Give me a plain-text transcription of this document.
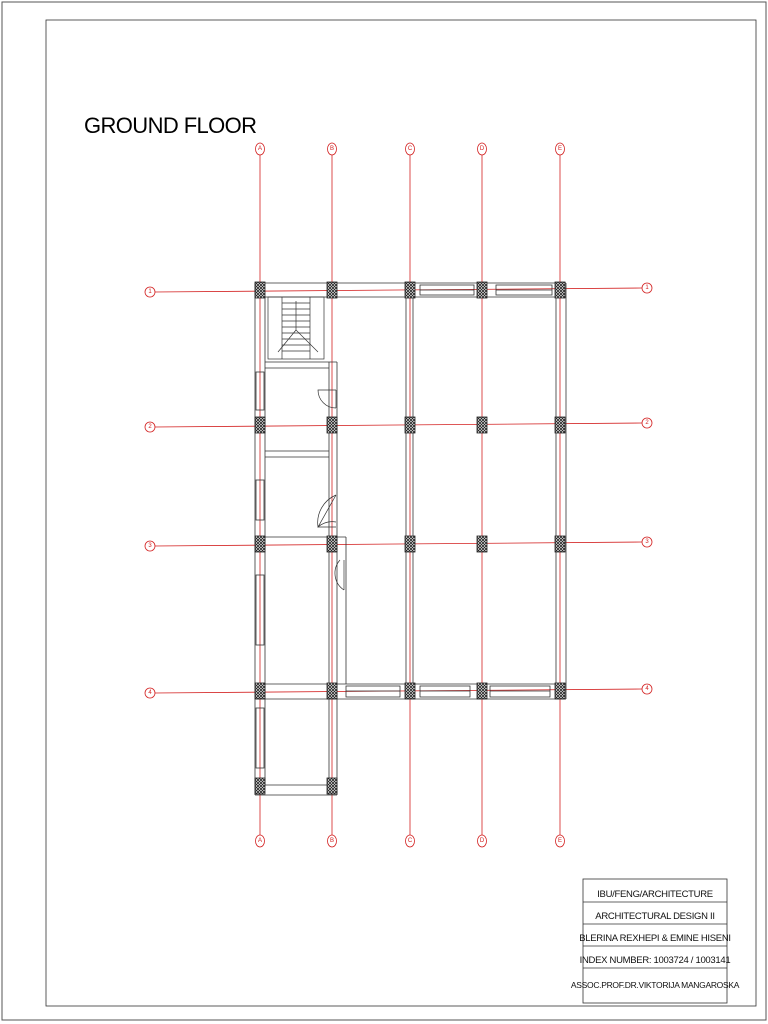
GROUND FLOOR
A
A
B
B
C
C
D
D
E
E
1
1
2
2
3
3
4
4
IBU/FENG/ARCHITECTURE
ARCHITECTURAL DESIGN II
BLERINA REXHEPI & EMINE HISENI
INDEX NUMBER: 1003724 / 1003141
ASSOC.PROF.DR.VIKTORIJA MANGAROSKA
